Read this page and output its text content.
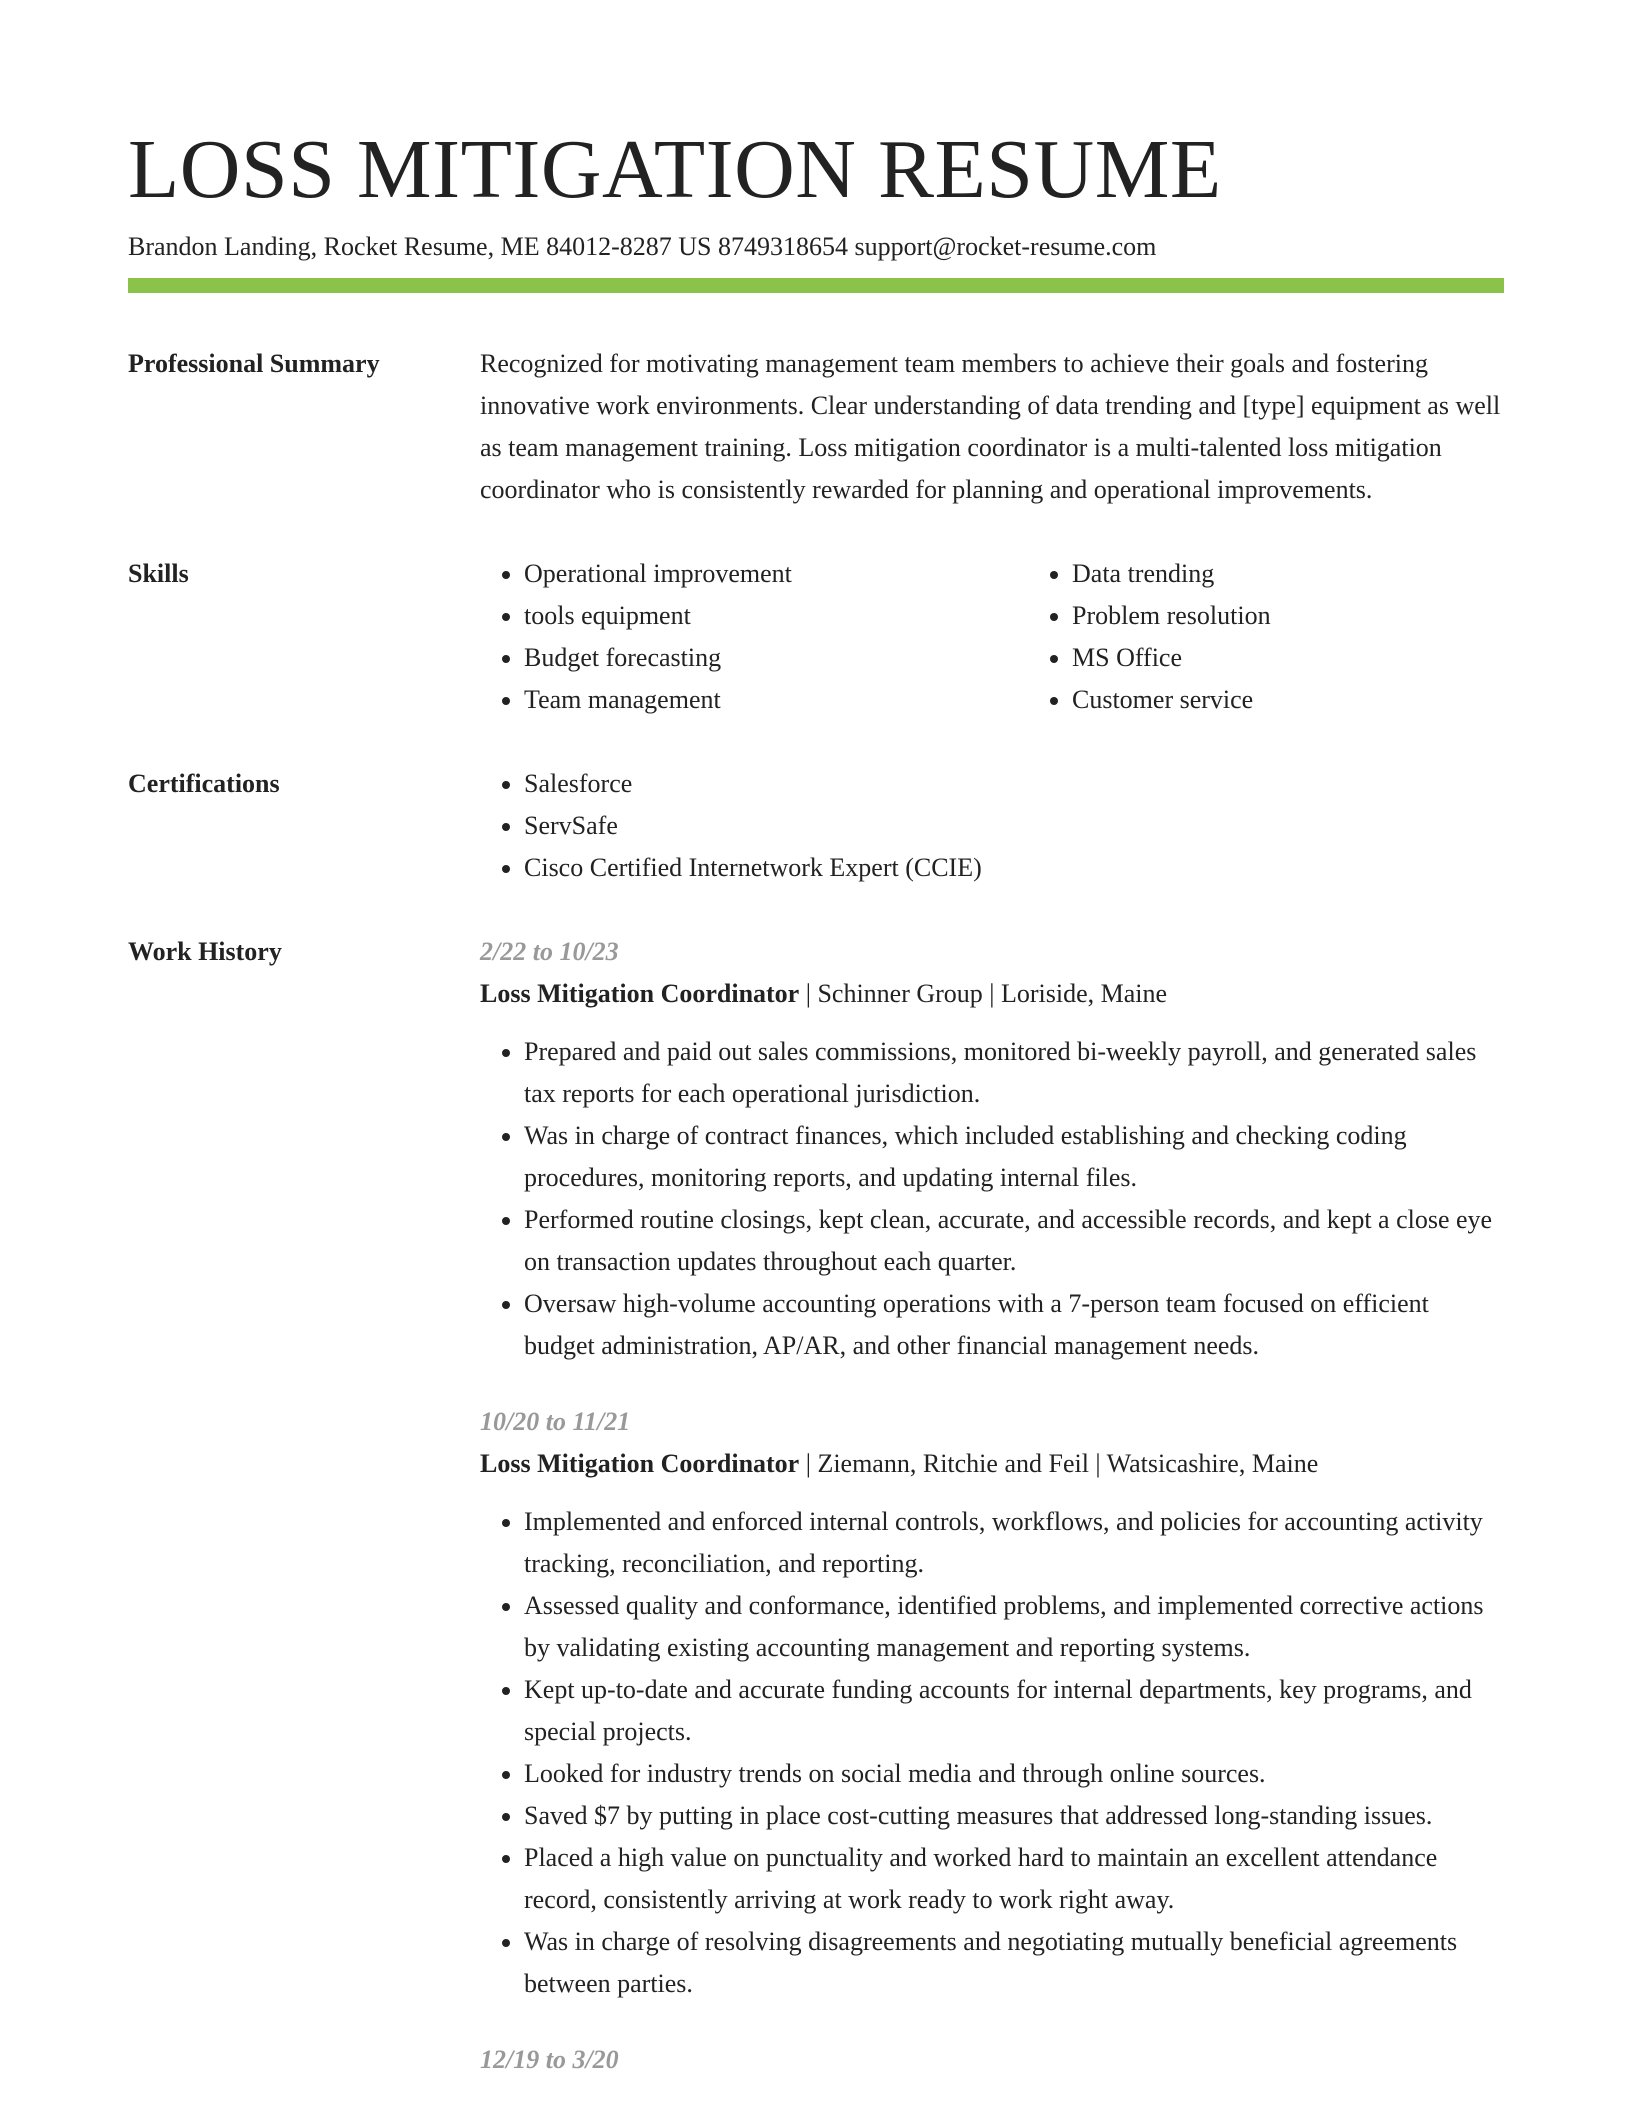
LOSS MITIGATION RESUME
Brandon Landing, Rocket Resume, ME 84012-8287 US 8749318654 support@rocket-resume.com
Professional Summary	Recognized for motivating management team members to achieve their goals and fostering innovative work environments. Clear understanding of data trending and [type] equipment as well as team management training. Loss mitigation coordinator is a multi-talented loss mitigation coordinator who is consistently rewarded for planning and operational improvements.

Skills	• Operational improvement
• tools equipment
• Budget forecasting
• Team management
• Data trending
• Problem resolution
• MS Office
• Customer service
Certifications	• Salesforce
• ServSafe
• Cisco Certified Internetwork Expert (CCIE)
Work History	2/22 to 10/23
Loss Mitigation Coordinator | Schinner Group | Loriside, Maine
• Prepared and paid out sales commissions, monitored bi-weekly payroll, and generated sales tax reports for each operational jurisdiction.
• Was in charge of contract finances, which included establishing and checking coding procedures, monitoring reports, and updating internal files.
• Performed routine closings, kept clean, accurate, and accessible records, and kept a close eye on transaction updates throughout each quarter.
• Oversaw high-volume accounting operations with a 7-person team focused on efficient budget administration, AP/AR, and other financial management needs.
10/20 to 11/21
Loss Mitigation Coordinator | Ziemann, Ritchie and Feil | Watsicashire, Maine
• Implemented and enforced internal controls, workflows, and policies for accounting activity tracking, reconciliation, and reporting.
• Assessed quality and conformance, identified problems, and implemented corrective actions by validating existing accounting management and reporting systems.
• Kept up-to-date and accurate funding accounts for internal departments, key programs, and special projects.
• Looked for industry trends on social media and through online sources.
• Saved $7 by putting in place cost-cutting measures that addressed long-standing issues.
• Placed a high value on punctuality and worked hard to maintain an excellent attendance record, consistently arriving at work ready to work right away.
• Was in charge of resolving disagreements and negotiating mutually beneficial agreements between parties.
12/19 to 3/20
